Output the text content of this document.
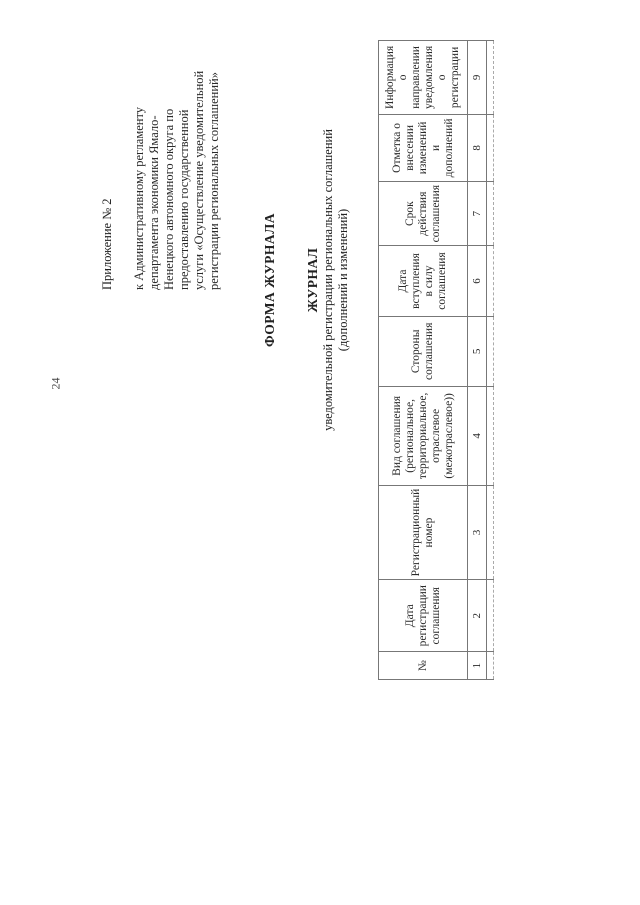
24
Приложение № 2 к Административному регламенту департамента экономики Ямало- Ненецкого автономного округа по предоставлению государственной услуги «Осуществление уведомительной регистрации региональных соглашений»	ФОРМА ЖУРНАЛА ЖУРНАЛ уведомительной регистрации региональных соглашений (дополнений и изменений)
№	Дата регистрации соглашения	Регистрационный номер	Вид соглашения (региональное, территориальное, отраслевое (межотраслевое))	Стороны соглашения	Дата вступления в силу соглашения	Срок действия соглашения	Отметка о внесении изменений и дополнений	Информация о направлении уведомления о регистрации
1	2	3	4	5	6	7	8	9
